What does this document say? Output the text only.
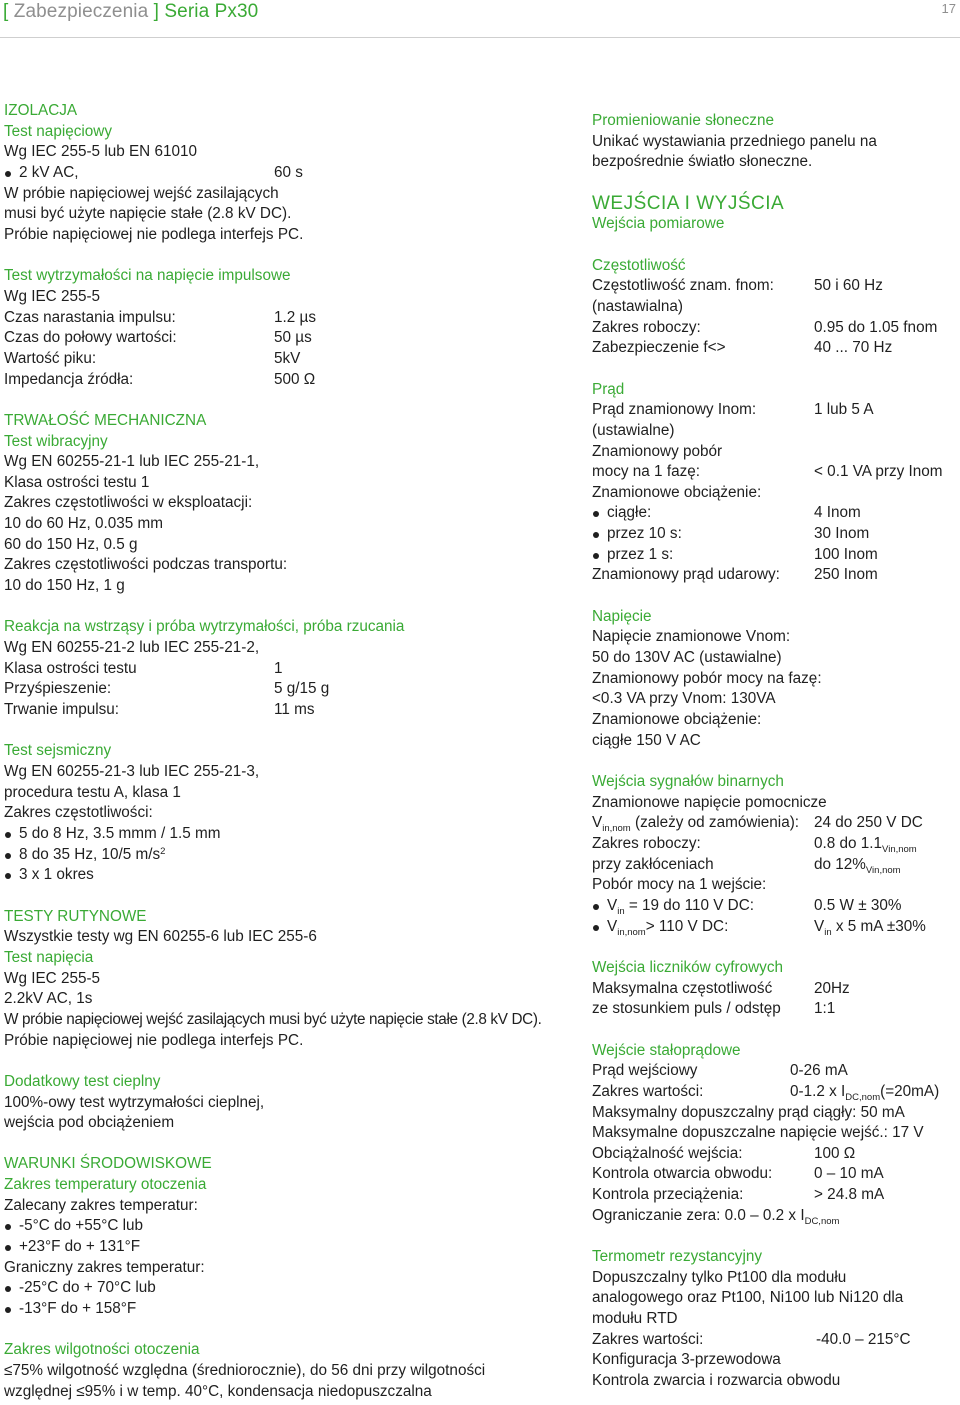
[ Zabezpieczenia ] Seria Px30	17
IZOLACJA
Test napięciowy
Wg IEC 255-5 lub EN 61010
2 kV AC,	60 s
W próbie napięciowej wejść zasilających
musi być użyte napięcie stałe (2.8 kV DC).
Próbie napięciowej nie podlega interfejs PC.
Test wytrzymałości na napięcie impulsowe
Wg IEC 255-5
Czas narastania impulsu:	1.2 µs
Czas do połowy wartości:	50 µs
Wartość piku:	5kV
Impedancja źródła:	500 Ω
TRWAŁOŚĆ MECHANICZNA
Test wibracyjny
Wg EN 60255-21-1 lub IEC 255-21-1,
Klasa ostrości testu 1
Zakres częstotliwości w eksploatacji:
10 do 60 Hz, 0.035 mm
60 do 150 Hz, 0.5 g
Zakres częstotliwości podczas transportu:
10 do 150 Hz, 1 g
Reakcja na wstrząsy i próba wytrzymałości, próba rzucania
Wg EN 60255-21-2 lub IEC 255-21-2,
Klasa ostrości testu	1
Przyśpieszenie:	5 g/15 g
Trwanie impulsu:	11 ms
Test sejsmiczny
Wg EN 60255-21-3 lub IEC 255-21-3,
procedura testu A, klasa 1
Zakres częstotliwości:
5 do 8 Hz, 3.5 mmm / 1.5 mm
8 do 35 Hz, 10/5 $m/s^2$
3 x 1 okres
TESTY RUTYNOWE
Wszystkie testy wg EN 60255-6 lub IEC 255-6
Test napięcia
Wg IEC 255-5
2.2kV AC, 1s
W próbie napięciowej wejść zasilających musi być użyte napięcie stałe (2.8 kV DC).
Próbie napięciowej nie podlega interfejs PC.
Dodatkowy test cieplny
100%-owy test wytrzymałości cieplnej,
wejścia pod obciążeniem
WARUNKI ŚRODOWISKOWE
Zakres temperatury otoczenia
Zalecany zakres temperatur:
-5°C do +55°C lub
+23°F do + 131°F
Graniczny zakres temperatur:
-25°C do + 70°C lub
-13°F do + 158°F
Zakres wilgotności otoczenia
≤75% wilgotność względna (średniorocznie), do 56 dni przy wilgotności
względnej ≤95% i w temp. 40°C, kondensacja niedopuszczalna
Promieniowanie słoneczne
Unikać wystawiania przedniego panelu na
bezpośrednie światło słoneczne.
WEJŚCIA I WYJŚCIA
Wejścia pomiarowe
Częstotliwość
Częstotliwość znam. fnom:	50 i 60 Hz
(nastawialna)
Zakres roboczy:	0.95 do 1.05 fnom
Zabezpieczenie f<>	40 ... 70 Hz
Prąd
Prąd znamionowy Inom:	1 lub 5 A
(ustawialne)
Znamionowy pobór
mocy na 1 fazę:	< 0.1 VA przy Inom
Znamionowe obciążenie:
ciągłe:	4 Inom
przez 10 s:	30 Inom
przez 1 s:	100 Inom
Znamionowy prąd udarowy: 250 Inom
Napięcie
Napięcie znamionowe Vnom:
50 do 130V AC (ustawialne)
Znamionowy pobór mocy na fazę:
<0.3 VA przy Vnom: 130VA
Znamionowe obciążenie:
ciągłe 150 V AC
Wejścia sygnałów binarnych
Znamionowe napięcie pomocnicze
$V_{in,nom}$ (zależy od zamówienia): 24 do 250 V DC
Zakres roboczy:	0.8 do $1.1_{Vin,nom}$
przy zakłóceniach	do $12\%_{Vin,nom}$
Pobór mocy na 1 wejście:
$V_{in} = 19$ do 110 V DC:	0.5 W ± 30%
$V_{in,nom}> 110$ V DC:	$V_{in}$ x 5 mA ±30%
Wejścia liczników cyfrowych
Maksymalna częstotliwość	20Hz
ze stosunkiem puls / odstęp 1:1
Wejście stałoprądowe
Prąd wejściowy	0-26 mA
Zakres wartości:	0-1.2 x $I_{DC,nom}(=20mA)$
Maksymalny dopuszczalny prąd ciągły: 50 mA
Maksymalne dopuszczalne napięcie wejść.: 17 V
Obciążalność wejścia:	100 Ω
Kontrola otwarcia obwodu:	0 – 10 mA
Kontrola przeciążenia:	> 24.8 mA
Ograniczanie zera: 0.0 – 0.2 x $I_{DC,nom}$
Termometr rezystancyjny
Dopuszczalny tylko Pt100 dla modułu
analogowego oraz Pt100, Ni100 lub Ni120 dla
modułu RTD
Zakres wartości:	-40.0 – 215°C
Konfiguracja 3-przewodowa
Kontrola zwarcia i rozwarcia obwodu
